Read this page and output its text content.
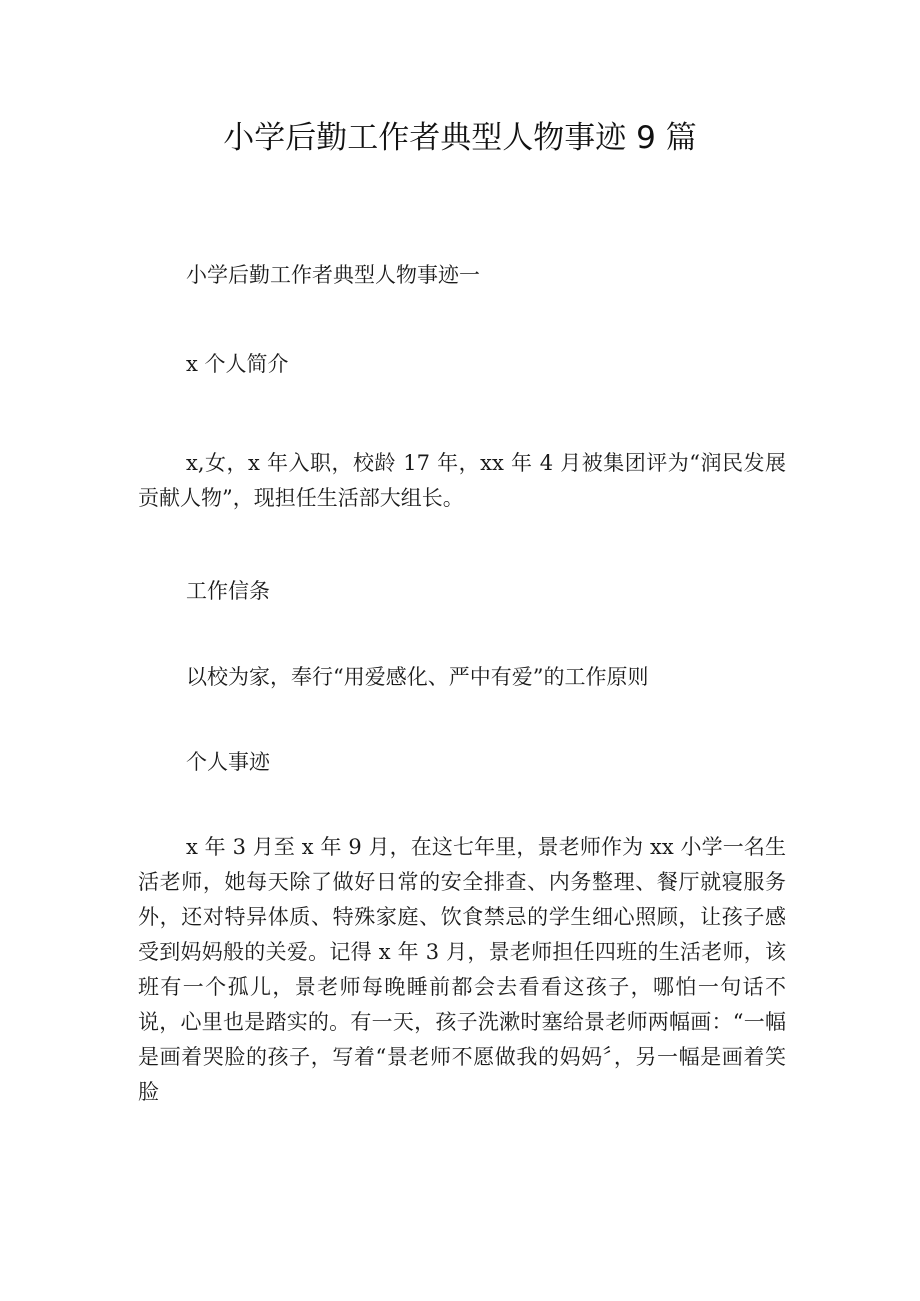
小学后勤工作者典型人物事迹 9 篇

小学后勤工作者典型人物事迹一

x 个人简介

x,女，x 年入职，校龄 17 年，xx 年 4 月被集团评为“润民发展贡献人物”，现担任生活部大组长。

工作信条

以校为家，奉行“用爱感化、严中有爱”的工作原则

个人事迹

x 年 3 月至 x 年 9 月，在这七年里，景老师作为 xx 小学一名生活老师，她每天除了做好日常的安全排查、内务整理、餐厅就寝服务外，还对特异体质、特殊家庭、饮食禁忌的学生细心照顾，让孩子感受到妈妈般的关爱。记得 x 年 3 月，景老师担任四班的生活老师，该班有一个孤儿，景老师每晚睡前都会去看看这孩子，哪怕一句话不说，心里也是踏实的。有一天，孩子洗漱时塞给景老师两幅画：“一幅是画着哭脸的孩子，写着“景老师不愿做我的妈妈〞，另一幅是画着笑脸
